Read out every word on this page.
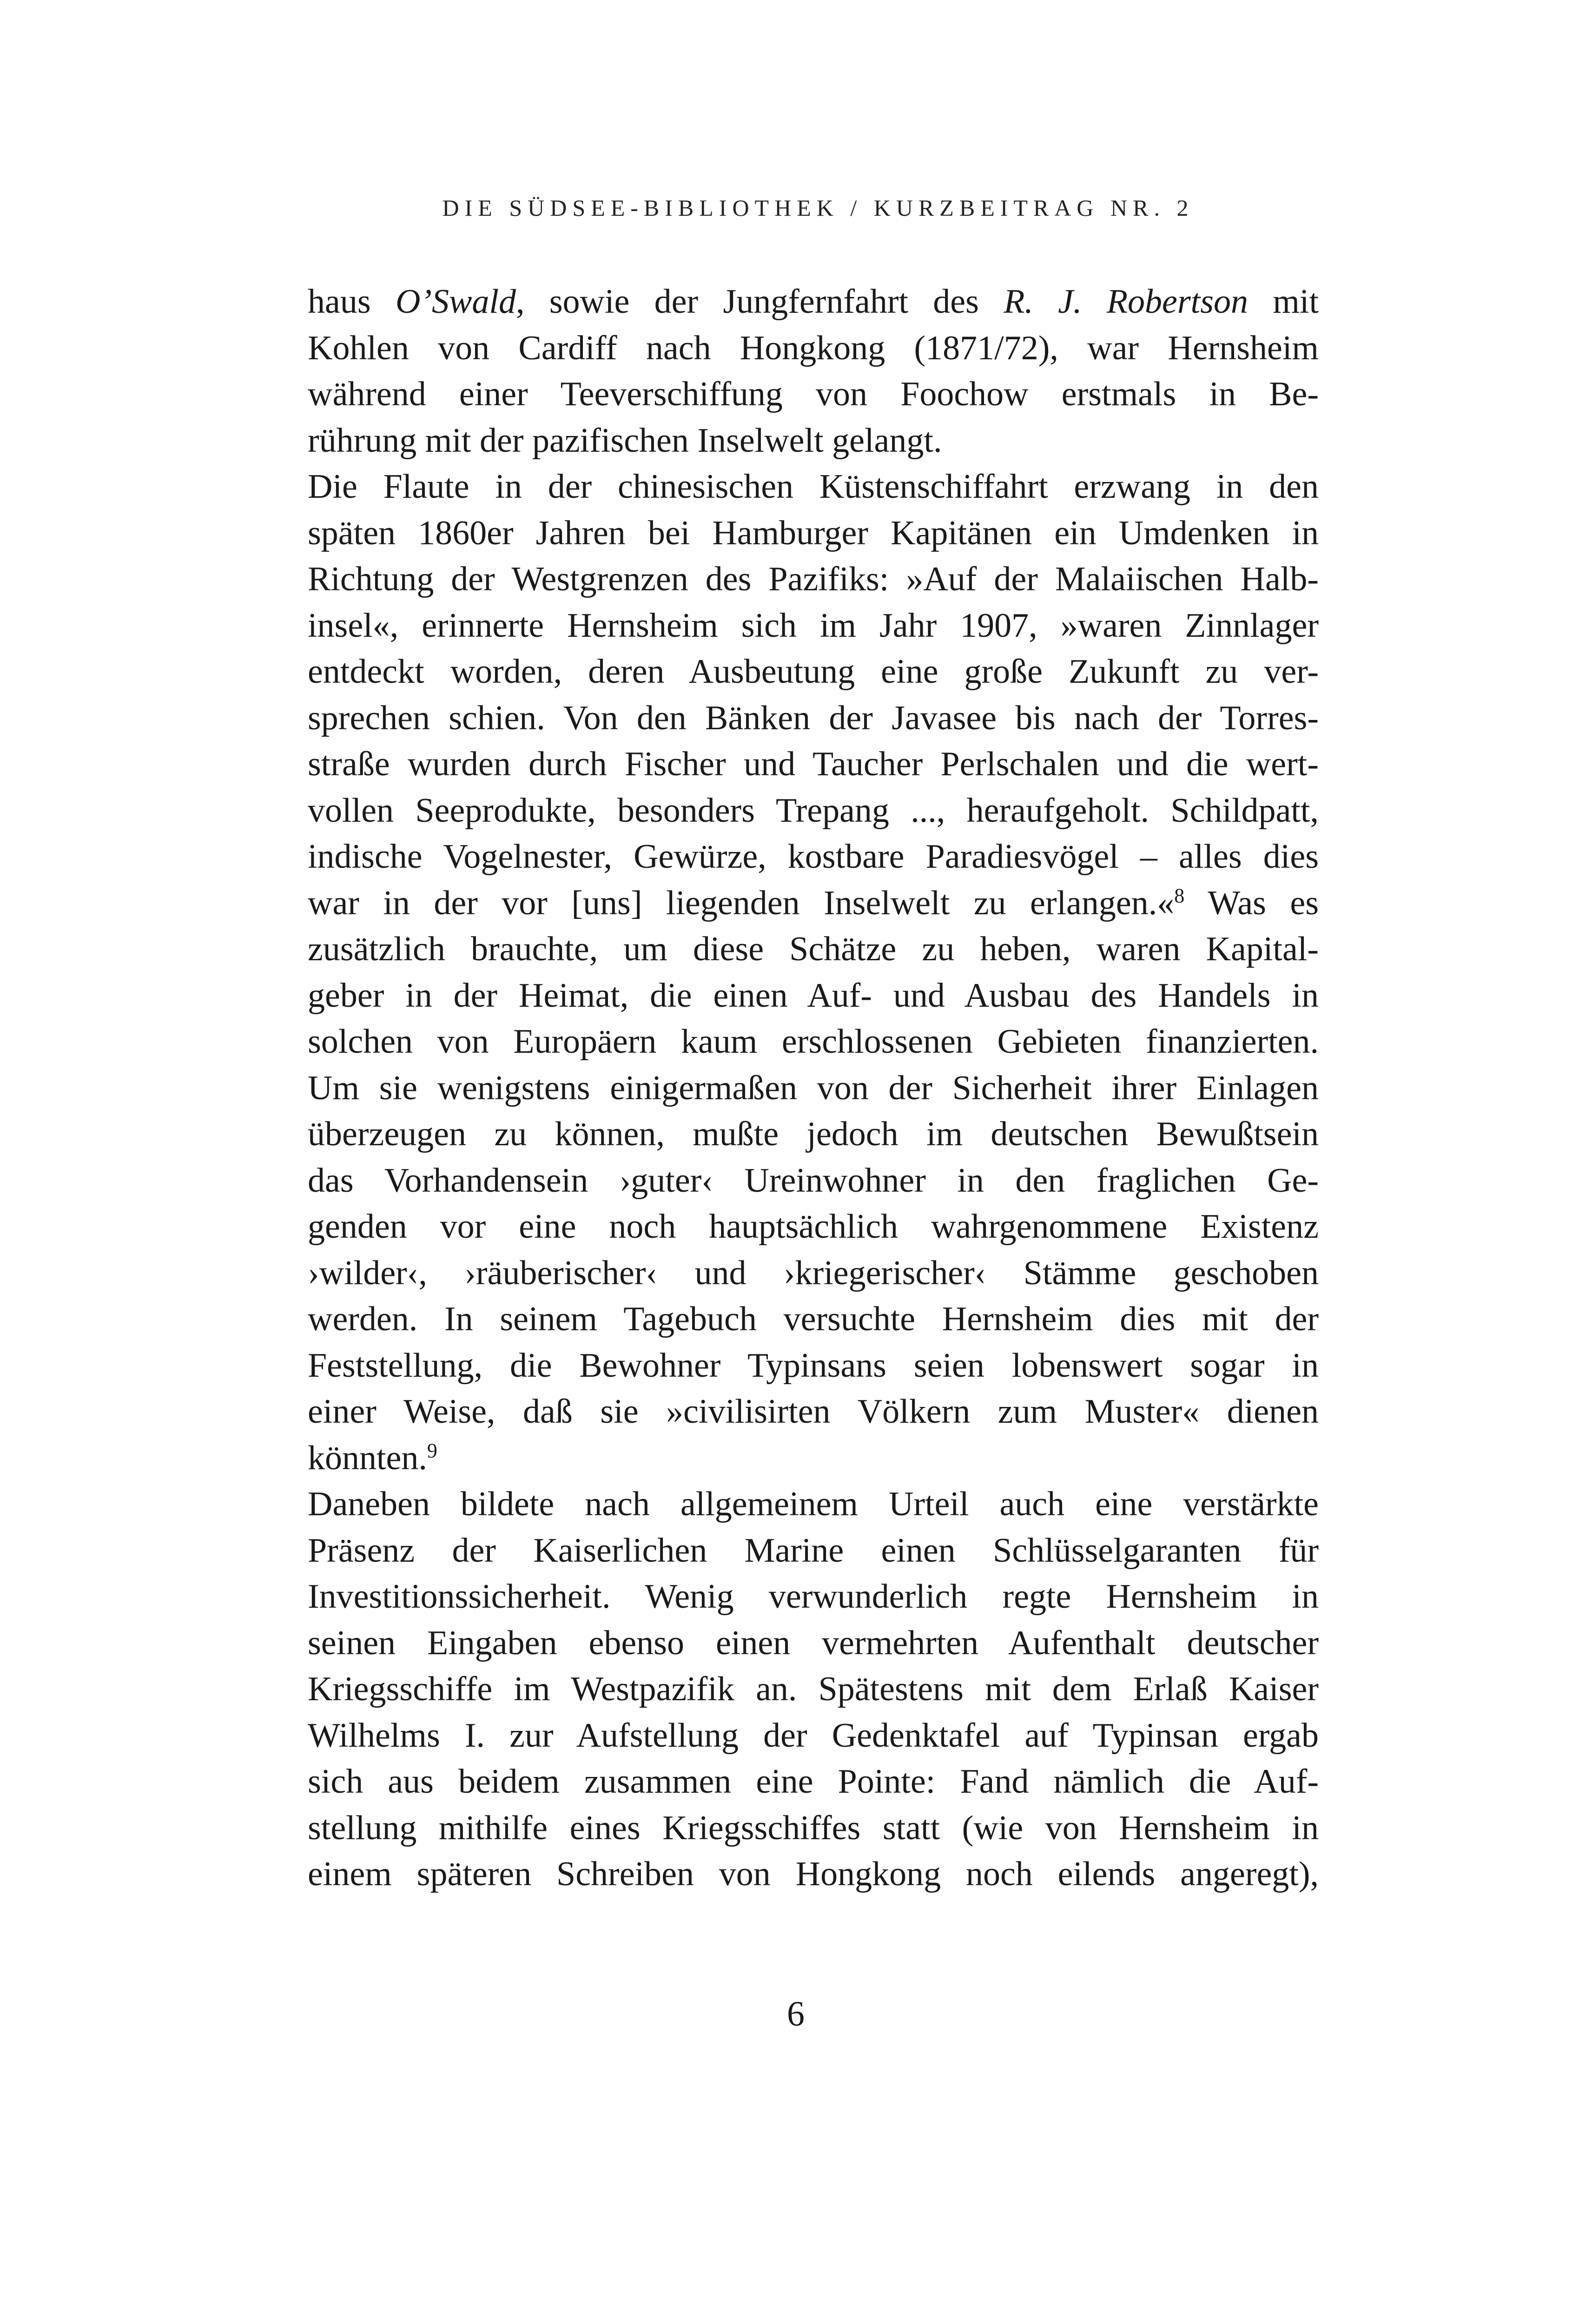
DIE SÜDSEE-BIBLIOTHEK / KURZBEITRAG NR. 2
haus O’Swald, sowie der Jungfernfahrt des R. J. Robertson mit
Kohlen von Cardiff nach Hongkong (1871/72), war Hernsheim
während einer Teeverschiffung von Foochow erstmals in Be-
rührung mit der pazifischen Inselwelt gelangt.
Die Flaute in der chinesischen Küstenschiffahrt erzwang in den
späten 1860er Jahren bei Hamburger Kapitänen ein Umdenken in
Richtung der Westgrenzen des Pazifiks: »Auf der Malaiischen Halb-
insel«, erinnerte Hernsheim sich im Jahr 1907, »waren Zinnlager
entdeckt worden, deren Ausbeutung eine große Zukunft zu ver-
sprechen schien. Von den Bänken der Javasee bis nach der Torres-
straße wurden durch Fischer und Taucher Perlschalen und die wert-
vollen Seeprodukte, besonders Trepang ..., heraufgeholt. Schildpatt,
indische Vogelnester, Gewürze, kostbare Paradiesvögel – alles dies
war in der vor [uns] liegenden Inselwelt zu erlangen.«$^8$ Was es
zusätzlich brauchte, um diese Schätze zu heben, waren Kapital-
geber in der Heimat, die einen Auf- und Ausbau des Handels in
solchen von Europäern kaum erschlossenen Gebieten finanzierten.
Um sie wenigstens einigermaßen von der Sicherheit ihrer Einlagen
überzeugen zu können, mußte jedoch im deutschen Bewußtsein
das Vorhandensein ›guter‹ Ureinwohner in den fraglichen Ge-
genden vor eine noch hauptsächlich wahrgenommene Existenz
›wilder‹, ›räuberischer‹ und ›kriegerischer‹ Stämme geschoben
werden. In seinem Tagebuch versuchte Hernsheim dies mit der
Feststellung, die Bewohner Typinsans seien lobenswert sogar in
einer Weise, daß sie »civilisirten Völkern zum Muster« dienen
könnten.$^9$
Daneben bildete nach allgemeinem Urteil auch eine verstärkte
Präsenz der Kaiserlichen Marine einen Schlüsselgaranten für
Investitionssicherheit. Wenig verwunderlich regte Hernsheim in
seinen Eingaben ebenso einen vermehrten Aufenthalt deutscher
Kriegsschiffe im Westpazifik an. Spätestens mit dem Erlaß Kaiser
Wilhelms I. zur Aufstellung der Gedenktafel auf Typinsan ergab
sich aus beidem zusammen eine Pointe: Fand nämlich die Auf-
stellung mithilfe eines Kriegsschiffes statt (wie von Hernsheim in
einem späteren Schreiben von Hongkong noch eilends angeregt),
6
